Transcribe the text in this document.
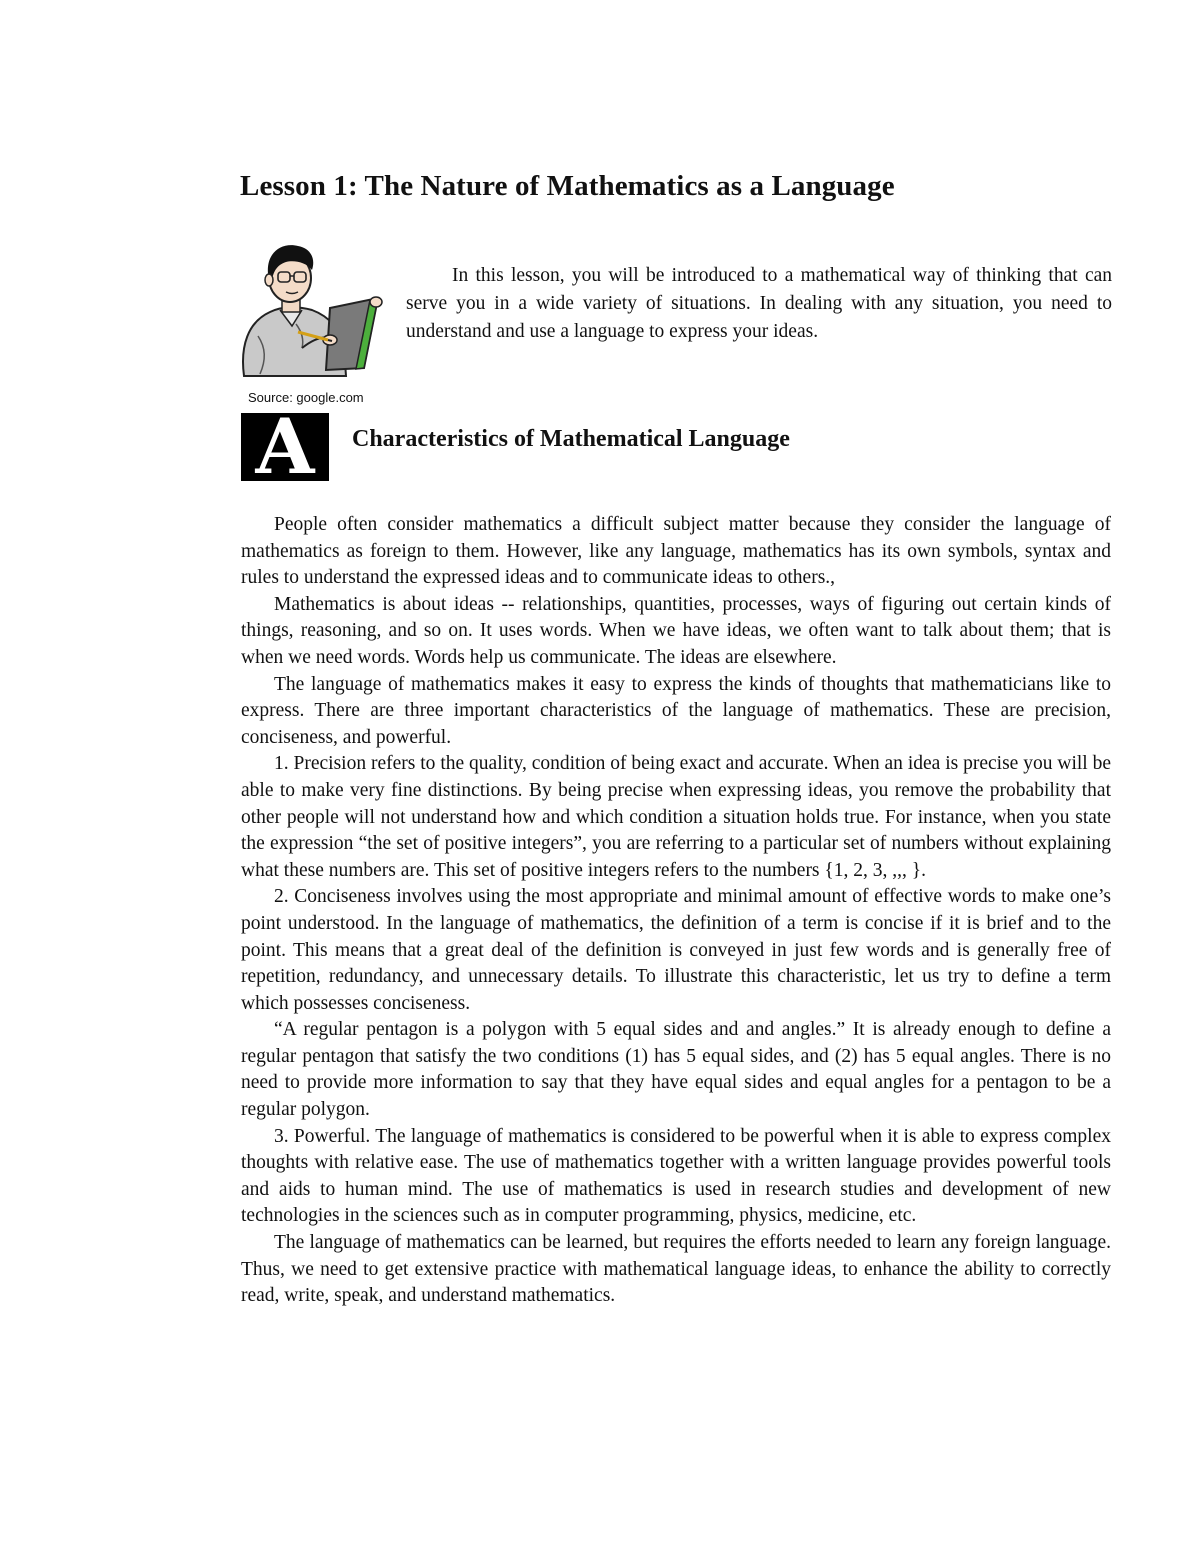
Lesson 1: The Nature of Mathematics as a Language
Source: google.com

In this lesson, you will be introduced to a mathematical way of thinking that can serve you in a wide variety of situations. In dealing with any situation, you need to understand and use a language to express your ideas.

A	Characteristics of Mathematical Language

People often consider mathematics a difficult subject matter because they consider the language of mathematics as foreign to them. However, like any language, mathematics has its own symbols, syntax and rules to understand the expressed ideas and to communicate ideas to others.,

Mathematics is about ideas -- relationships, quantities, processes, ways of figuring out certain kinds of things, reasoning, and so on. It uses words. When we have ideas, we often want to talk about them; that is when we need words. Words help us communicate. The ideas are elsewhere.

The language of mathematics makes it easy to express the kinds of thoughts that mathematicians like to express. There are three important characteristics of the language of mathematics. These are precision, conciseness, and powerful.

1. Precision refers to the quality, condition of being exact and accurate. When an idea is precise you will be able to make very fine distinctions. By being precise when expressing ideas, you remove the probability that other people will not understand how and which condition a situation holds true. For instance, when you state the expression “the set of positive integers”, you are referring to a particular set of numbers without explaining what these numbers are. This set of positive integers refers to the numbers {1, 2, 3, ,,, }.

2. Conciseness involves using the most appropriate and minimal amount of effective words to make one’s point understood. In the language of mathematics, the definition of a term is concise if it is brief and to the point. This means that a great deal of the definition is conveyed in just few words and is generally free of repetition, redundancy, and unnecessary details. To illustrate this characteristic, let us try to define a term which possesses conciseness.

“A regular pentagon is a polygon with 5 equal sides and and angles.” It is already enough to define a regular pentagon that satisfy the two conditions (1) has 5 equal sides, and (2) has 5 equal angles. There is no need to provide more information to say that they have equal sides and equal angles for a pentagon to be a regular polygon.

3. Powerful. The language of mathematics is considered to be powerful when it is able to express complex thoughts with relative ease. The use of mathematics together with a written language provides powerful tools and aids to human mind. The use of mathematics is used in research studies and development of new technologies in the sciences such as in computer programming, physics, medicine, etc.

The language of mathematics can be learned, but requires the efforts needed to learn any foreign language. Thus, we need to get extensive practice with mathematical language ideas, to enhance the ability to correctly read, write, speak, and understand mathematics.
